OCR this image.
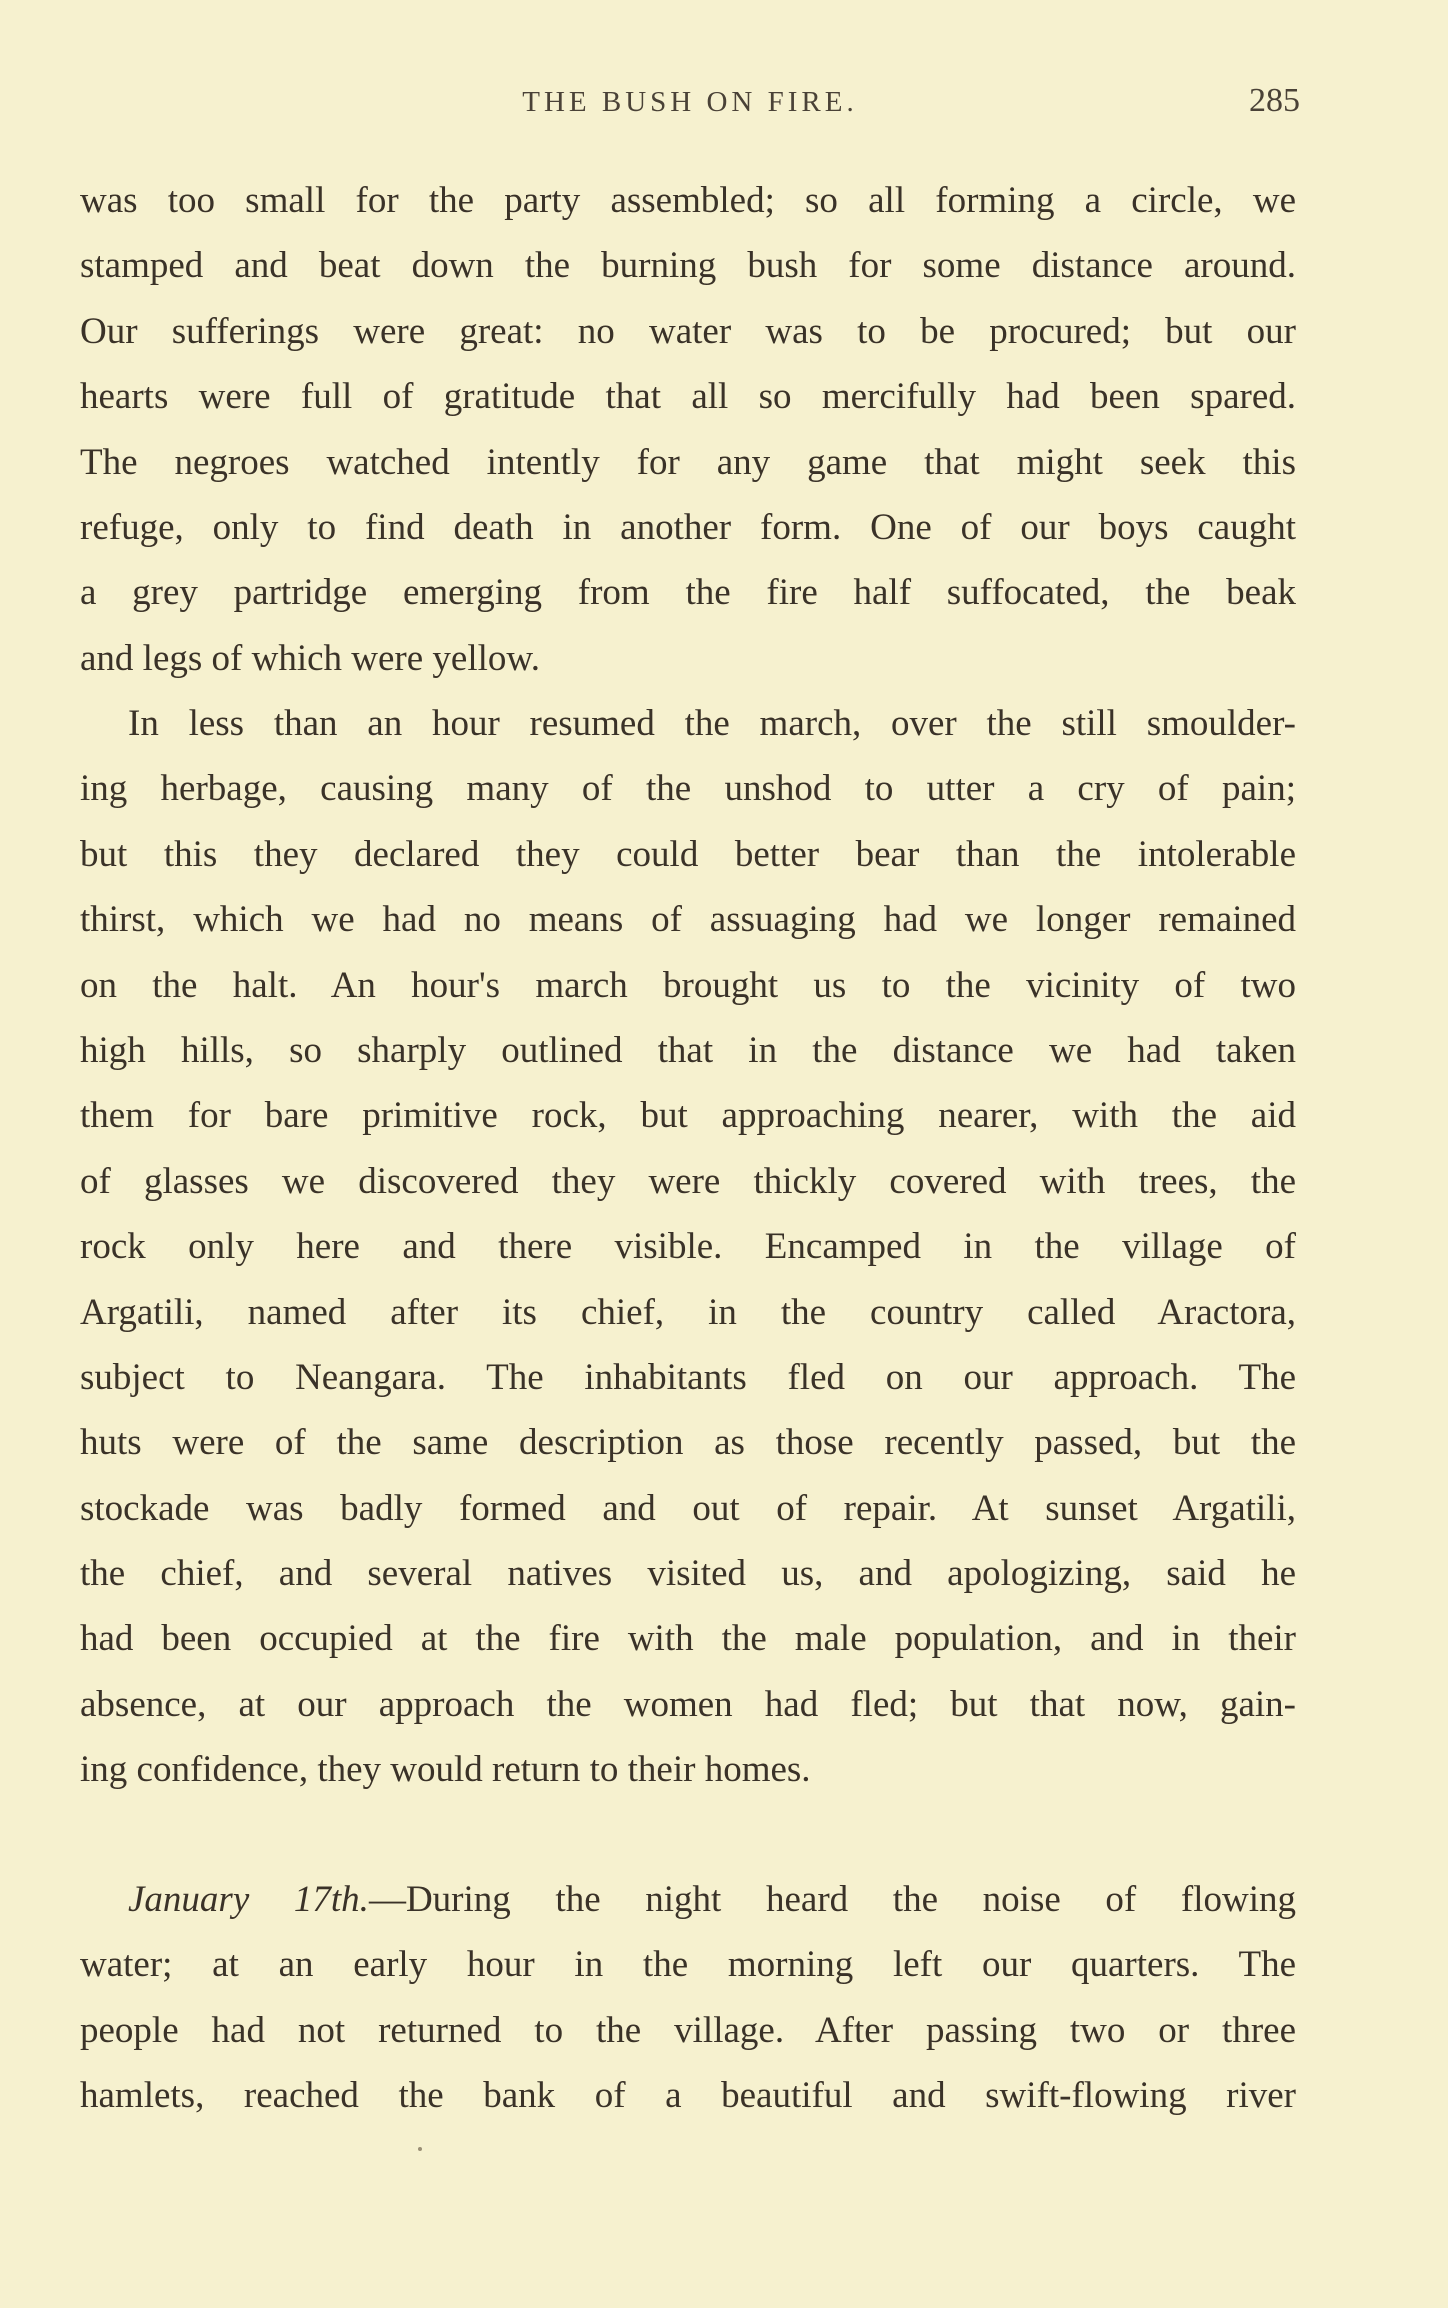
THE BUSH ON FIRE.	285
was too small for the party assembled; so all forming a circle, we
stamped and beat down the burning bush for some distance around.
Our sufferings were great: no water was to be procured; but our
hearts were full of gratitude that all so mercifully had been spared.
The negroes watched intently for any game that might seek this
refuge, only to find death in another form. One of our boys caught
a grey partridge emerging from the fire half suffocated, the beak
and legs of which were yellow.
In less than an hour resumed the march, over the still smoulder-
ing herbage, causing many of the unshod to utter a cry of pain;
but this they declared they could better bear than the intolerable
thirst, which we had no means of assuaging had we longer remained
on the halt. An hour's march brought us to the vicinity of two
high hills, so sharply outlined that in the distance we had taken
them for bare primitive rock, but approaching nearer, with the aid
of glasses we discovered they were thickly covered with trees, the
rock only here and there visible. Encamped in the village of
Argatili, named after its chief, in the country called Aractora,
subject to Neangara. The inhabitants fled on our approach. The
huts were of the same description as those recently passed, but the
stockade was badly formed and out of repair. At sunset Argatili,
the chief, and several natives visited us, and apologizing, said he
had been occupied at the fire with the male population, and in their
absence, at our approach the women had fled; but that now, gain-
ing confidence, they would return to their homes.
January 17th.—During the night heard the noise of flowing
water; at an early hour in the morning left our quarters. The
people had not returned to the village. After passing two or three
hamlets, reached the bank of a beautiful and swift-flowing river
